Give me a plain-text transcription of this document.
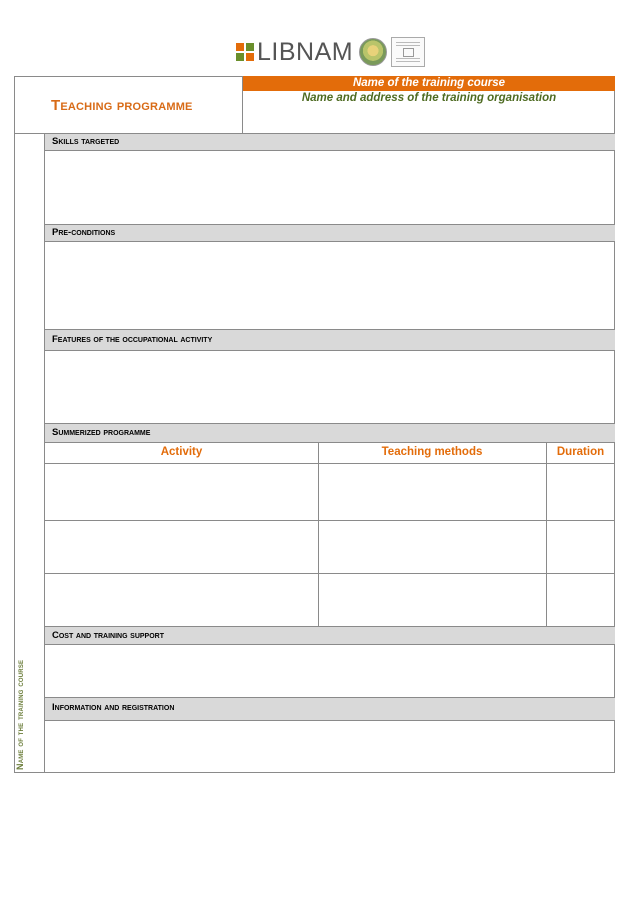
LIBNAM
Teaching programme
Name of the training course
Name and address of the training organisation
Name of the training course
Skills targeted
Pre-conditions
Features of the occupational activity
Summerized programme
Activity	Teaching methods	Duration
Cost and training support
Information and registration
